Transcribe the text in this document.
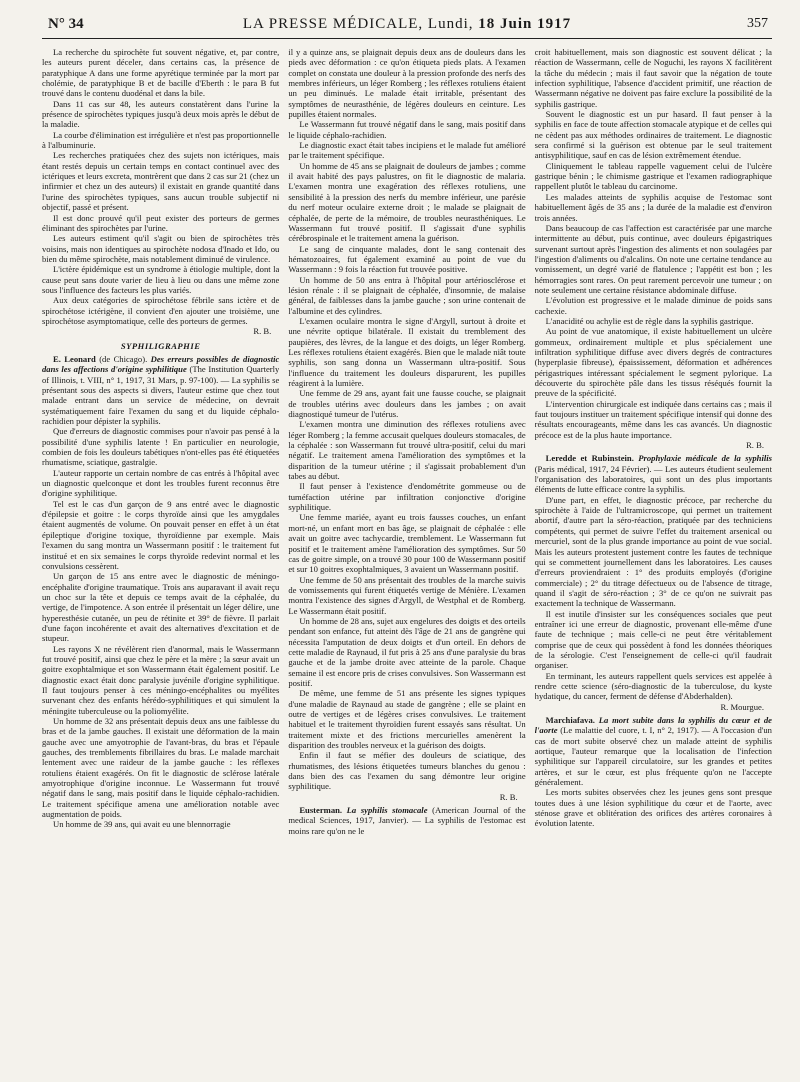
N° 34	LA PRESSE MÉDICALE, Lundi, 18 Juin 1917	357

La recherche du spirochète fut souvent négative, et, par contre, les auteurs purent déceler, dans certains cas, la présence de paratyphique A dans une forme apyrétique terminée par la mort par cholémie, de paratyphique B et de bacille d'Eberth : le para B fut trouvé dans le contenu duodénal et dans la bile.

Dans 11 cas sur 48, les auteurs constatèrent dans l'urine la présence de spirochètes typiques jusqu'à deux mois après le début de la maladie.

La courbe d'élimination est irrégulière et n'est pas proportionnelle à l'albuminurie.

Les recherches pratiquées chez des sujets non ictériques, mais étant restés depuis un certain temps en contact continuel avec des ictériques et leurs excreta, montrèrent que dans 2 cas sur 21 (chez un infirmier et chez un des auteurs) il existait en grande quantité dans l'urine des spirochètes typiques, sans aucun trouble subjectif ni objectif, passé et présent.

Il est donc prouvé qu'il peut exister des porteurs de germes éliminant des spirochètes par l'urine.

Les auteurs estiment qu'il s'agit ou bien de spirochètes très voisins, mais non identiques au spirochète nodosa d'Inado et Ido, ou bien du même spirochète, mais notablement diminué de virulence.

L'ictère épidémique est un syndrome à étiologie multiple, dont la cause peut sans doute varier de lieu à lieu ou dans une même zone sous l'influence des facteurs les plus variés.

Aux deux catégories de spirochétose fébrile sans ictère et de spirochétose ictérigène, il convient d'en ajouter une troisième, une spirochétose asymptomatique, celle des porteurs de germes.

R. B.

SYPHILIGRAPHIE

E. Leonard (de Chicago). Des erreurs possibles de diagnostic dans les affections d'origine syphilitique (The Institution Quarterly of Illinois, t. VIII, n° 1, 1917, 31 Mars, p. 97-100). — La syphilis se présentant sous des aspects si divers, l'auteur estime que chez tout malade entrant dans un service de médecine, on devrait systématiquement faire l'examen du sang et du liquide céphalo-rachidien pour dépister la syphilis.

Que d'erreurs de diagnostic commises pour n'avoir pas pensé à la possibilité d'une syphilis latente ! En particulier en neurologie, combien de fois les douleurs tabétiques n'ont-elles pas été étiquetées rhumatisme, sciatique, gastralgie.

L'auteur rapporte un certain nombre de cas entrés à l'hôpital avec un diagnostic quelconque et dont les troubles furent reconnus être d'origine syphilitique.

Tel est le cas d'un garçon de 9 ans entré avec le diagnostic d'épilepsie et goitre : le corps thyroïde ainsi que les amygdales étaient augmentés de volume. On pouvait penser en effet à un état épileptique d'origine toxique, thyroïdienne par exemple. Mais l'examen du sang montra un Wassermann positif : le traitement fut institué et en six semaines le corps thyroïde redevint normal et les convulsions cessèrent.

Un garçon de 15 ans entre avec le diagnostic de méningo-encéphalite d'origine traumatique. Trois ans auparavant il avait reçu un choc sur la tête et depuis ce temps avait de la céphalée, du vertige, de l'impotence. A son entrée il présentait un léger délire, une hyperesthésie cutanée, un peu de rétinite et 39° de fièvre. Il parlait d'une façon incohérente et avait des alternatives d'excitation et de stupeur.

Les rayons X ne révélèrent rien d'anormal, mais le Wassermann fut trouvé positif, ainsi que chez le père et la mère ; la sœur avait un goitre exophtalmique et son Wassermann était également positif. Le diagnostic exact était donc paralysie juvénile d'origine syphilitique. Il faut toujours penser à ces méningo-encéphalites ou myélites survenant chez des enfants hérédo-syphilitiques et qui simulent la méningite tuberculeuse ou la poliomyélite.

Un homme de 32 ans présentait depuis deux ans une faiblesse du bras et de la jambe gauches. Il existait une déformation de la main gauche avec une amyotrophie de l'avant-bras, du bras et l'épaule gauches, des tremblements fibrillaires du bras. Le malade marchait lentement avec une raideur de la jambe gauche : les réflexes rotuliens étaient exagérés. On fit le diagnostic de sclérose latérale amyotrophique d'origine inconnue. Le Wassermann fut trouvé négatif dans le sang, mais positif dans le liquide céphalo-rachidien. Le traitement spécifique amena une amélioration notable avec augmentation de poids.

Un homme de 39 ans, qui avait eu une blennorragie

il y a quinze ans, se plaignait depuis deux ans de douleurs dans les pieds avec déformation : ce qu'on étiqueta pieds plats. A l'examen complet on constata une douleur à la pression profonde des nerfs des membres inférieurs, un léger Romberg ; les réflexes rotuliens étaient un peu diminués. Le malade était irritable, présentant des symptômes de neurasthénie, de légères douleurs en ceinture. Les pupilles étaient normales.

Le Wassermann fut trouvé négatif dans le sang, mais positif dans le liquide céphalo-rachidien.

Le diagnostic exact était tabes incipiens et le malade fut amélioré par le traitement spécifique.

Un homme de 45 ans se plaignait de douleurs de jambes ; comme il avait habité des pays palustres, on fit le diagnostic de malaria. L'examen montra une exagération des réflexes rotuliens, une sensibilité à la pression des nerfs du membre inférieur, une parésie du nerf moteur oculaire externe droit ; le malade se plaignait de céphalée, de perte de la mémoire, de troubles neurasthéniques. Le Wassermann fut trouvé positif. Il s'agissait d'une syphilis cérébrospinale et le traitement amena la guérison.

Le sang de cinquante malades, dont le sang contenait des hématozoaires, fut également examiné au point de vue du Wassermann : 9 fois la réaction fut trouvée positive.

Un homme de 50 ans entra à l'hôpital pour artériosclérose et lésion rénale : il se plaignait de céphalée, d'insomnie, de malaise général, de faiblesses dans la jambe gauche ; son urine contenait de l'albumine et des cylindres.

L'examen oculaire montra le signe d'Argyll, surtout à droite et une névrite optique bilatérale. Il existait du tremblement des paupières, des lèvres, de la langue et des doigts, un léger Romberg. Les réflexes rotuliens étaient exagérés. Bien que le malade niât toute syphilis, son sang donna un Wassermann ultra-positif. Sous l'influence du traitement les douleurs disparurent, les pupilles réagirent à la lumière.

Une femme de 29 ans, ayant fait une fausse couche, se plaignait de troubles utérins avec douleurs dans les jambes ; on avait diagnostiqué tumeur de l'utérus.

L'examen montra une diminution des réflexes rotuliens avec léger Romberg ; la femme accusait quelques douleurs stomacales, de la céphalée : son Wassermann fut trouvé ultra-positif, celui du mari négatif. Le traitement amena l'amélioration des symptômes et la disparition de la tumeur utérine ; il s'agissait probablement d'un tabes au début.

Il faut penser à l'existence d'endométrite gommeuse ou de tuméfaction utérine par infiltration conjonctive d'origine syphilitique.

Une femme mariée, ayant eu trois fausses couches, un enfant mort-né, un enfant mort en bas âge, se plaignait de céphalée : elle avait un goitre avec tachycardie, tremblement. Le Wassermann fut positif et le traitement amène l'amélioration des symptômes. Sur 50 cas de goitre simple, on a trouvé 30 pour 100 de Wassermann positif et sur 10 goitres exophtalmiques, 3 avaient un Wassermann positif.

Une femme de 50 ans présentait des troubles de la marche suivis de vomissements qui furent étiquetés vertige de Ménière. L'examen montra l'existence des signes d'Argyll, de Westphal et de Romberg. Le Wassermann était positif.

Un homme de 28 ans, sujet aux engelures des doigts et des orteils pendant son enfance, fut atteint dès l'âge de 21 ans de gangrène qui nécessita l'amputation de deux doigts et d'un orteil. En dehors de cette maladie de Raynaud, il fut pris à 25 ans d'une paralysie du bras gauche et de la jambe droite avec atteinte de la parole. Chaque semaine il est encore pris de crises convulsives. Son Wassermann est positif.

De même, une femme de 51 ans présente les signes typiques d'une maladie de Raynaud au stade de gangrène ; elle se plaint en outre de vertiges et de légères crises convulsives. Le traitement habituel et le traitement thyroïdien furent essayés sans résultat. Un traitement mixte et des frictions mercurielles amenèrent la disparition des troubles nerveux et la guérison des doigts.

Enfin il faut se méfier des douleurs de sciatique, des rhumatismes, des lésions étiquetées tumeurs blanches du genou : dans bien des cas l'examen du sang démontre leur origine syphilitique.

R. B.

Eusterman. La syphilis stomacale (American Journal of the medical Sciences, 1917, Janvier). — La syphilis de l'estomac est moins rare qu'on ne le

croit habituellement, mais son diagnostic est souvent délicat ; la réaction de Wassermann, celle de Noguchi, les rayons X facilitèrent la tâche du médecin ; mais il faut savoir que la négation de toute infection syphilitique, l'absence d'accident primitif, une réaction de Wassermann négative ne doivent pas faire exclure la possibilité de la syphilis gastrique.

Souvent le diagnostic est un pur hasard. Il faut penser à la syphilis en face de toute affection stomacale atypique et de celles qui ne cèdent pas aux méthodes ordinaires de traitement. Le diagnostic sera confirmé si la guérison est obtenue par le seul traitement antisyphilitique, sauf en cas de lésion extrêmement étendue.

Cliniquement le tableau rappelle vaguement celui de l'ulcère gastrique bénin ; le chimisme gastrique et l'examen radiographique rappellent plutôt le tableau du carcinome.

Les malades atteints de syphilis acquise de l'estomac sont habituellement âgés de 35 ans ; la durée de la maladie est d'environ trois années.

Dans beaucoup de cas l'affection est caractérisée par une marche intermittente au début, puis continue, avec douleurs épigastriques survenant surtout après l'ingestion des aliments et non soulagées par l'ingestion d'aliments ou d'alcalins. On note une certaine tendance au vomissement, un degré varié de flatulence ; l'appétit est bon ; les hémorragies sont rares. On peut rarement percevoir une tumeur ; on note seulement une certaine résistance abdominale diffuse.

L'évolution est progressive et le malade diminue de poids sans cachexie.

L'anacidité ou achylie est de règle dans la syphilis gastrique.

Au point de vue anatomique, il existe habituellement un ulcère gommeux, ordinairement multiple et plus spécialement une infiltration syphilitique diffuse avec divers degrés de contractures (hyperplasie fibreuse), épaississement, déformation et adhérences périgastriques intéressant spécialement le segment pylorique. La découverte du spirochète pâle dans les tissus réséqués fournit la preuve de la spécificité.

L'intervention chirurgicale est indiquée dans certains cas ; mais il faut toujours instituer un traitement spécifique intensif qui donne des résultats encourageants, même dans les cas avancés. Un diagnostic précoce est de la plus haute importance.

R. B.

Leredde et Rubinstein. Prophylaxie médicale de la syphilis (Paris médical, 1917, 24 Février). — Les auteurs étudient seulement l'organisation des laboratoires, qui sont un des plus importants éléments de lutte efficace contre la syphilis.

D'une part, en effet, le diagnostic précoce, par recherche du spirochète à l'aide de l'ultramicroscope, qui permet un traitement abortif, d'autre part la séro-réaction, pratiquée par des techniciens compétents, qui permet de suivre l'effet du traitement arsenical ou mercuriel, sont de la plus grande importance au point de vue social. Mais les auteurs protestent justement contre les fautes de technique qui se commettent journellement dans les laboratoires. Les causes d'erreurs proviendraient : 1° des produits employés (d'origine commerciale) ; 2° du titrage défectueux ou de l'absence de titrage, quand il s'agit de séro-réaction ; 3° de ce qu'on ne suivrait pas exactement la technique de Wassermann.

Il est inutile d'insister sur les conséquences sociales que peut entraîner ici une erreur de diagnostic, provenant elle-même d'une faute de technique ; mais celle-ci ne peut être véritablement comprise que de ceux qui possèdent à fond les données théoriques de la sérologie. C'est l'enseignement de celle-ci qu'il faudrait organiser.

En terminant, les auteurs rappellent quels services est appelée à rendre cette science (séro-diagnostic de la tuberculose, du kyste hydatique, du cancer, ferment de défense d'Abderhalden).

R. Mourgue.

Marchiafava. La mort subite dans la syphilis du cœur et de l'aorte (Le malattie del cuore, t. I, n° 2, 1917). — A l'occasion d'un cas de mort subite observé chez un malade atteint de syphilis aortique, l'auteur remarque que la localisation de l'infection syphilitique sur l'appareil circulatoire, sur les grandes et petites artères, et sur le cœur, est plus fréquente qu'on ne l'accepte généralement.

Les morts subites observées chez les jeunes gens sont presque toutes dues à une lésion syphilitique du cœur et de l'aorte, avec sténose grave et oblitération des orifices des artères coronaires à évolution latente.
